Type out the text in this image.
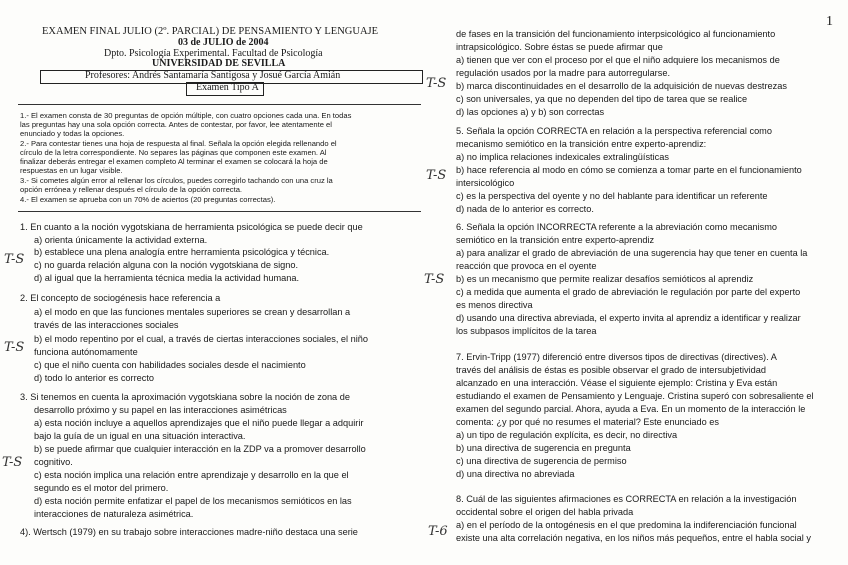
1
EXAMEN FINAL JULIO (2º. PARCIAL) DE PENSAMIENTO Y LENGUAJE
03 de JULIO de 2004
Dpto. Psicología Experimental. Facultad de Psicología
UNIVERSIDAD DE SEVILLA
Profesores: Andrés Santamaría Santigosa y Josué García Amián
Examen Tipo A
1.- El examen consta de 30 preguntas de opción múltiple, con cuatro opciones cada una. En todas
las preguntas hay una sola opción correcta. Antes de contestar, por favor, lee atentamente el
enunciado y todas la opciones.
2.- Para contestar tienes una hoja de respuesta al final. Señala la opción elegida rellenando el
círculo de la letra correspondiente. No separes las páginas que componen este examen. Al
finalizar deberás entregar el examen completo Al terminar el examen se colocará la hoja de
respuestas en un lugar visible.
3.- Si cometes algún error al rellenar los círculos, puedes corregirlo tachando con una cruz la
opción errónea y rellenar después el círculo de la opción correcta.
4.- El examen se aprueba con un 70% de aciertos (20 preguntas correctas).
1. En cuanto a la noción vygotskiana de herramienta psicológica se puede decir que
a) orienta únicamente la actividad externa.
b) establece una plena analogía entre herramienta psicológica y técnica.
c) no guarda relación alguna con la noción vygotskiana de signo.
d) al igual que la herramienta técnica media la actividad humana.
T-S
2. El concepto de sociogénesis hace referencia a
a) el modo en que las funciones mentales superiores se crean y desarrollan a
través de las interacciones sociales
b) el modo repentino por el cual, a través de ciertas interacciones sociales, el niño
funciona autónomamente
c) que el niño cuenta con habilidades sociales desde el nacimiento
d) todo lo anterior es correcto
T-S
3. Si tenemos en cuenta la aproximación vygotskiana sobre la noción de zona de
desarrollo próximo y su papel en las interacciones asimétricas
a) esta noción incluye a aquellos aprendizajes que el niño puede llegar a adquirir
bajo la guía de un igual en una situación interactiva.
b) se puede afirmar que cualquier interacción en la ZDP va a promover desarrollo
cognitivo.
c) esta noción implica una relación entre aprendizaje y desarrollo en la que el
segundo es el motor del primero.
d) esta noción permite enfatizar el papel de los mecanismos semióticos en las
interacciones de naturaleza asimétrica.
T-S
4). Wertsch (1979) en su trabajo sobre interacciones madre-niño destaca una serie
de fases en la transición del funcionamiento interpsicológico al funcionamiento
intrapsicológico. Sobre éstas se puede afirmar que
a) tienen que ver con el proceso por el que el niño adquiere los mecanismos de
regulación usados por la madre para autorregularse.
b) marca discontinuidades en el desarrollo de la adquisición de nuevas destrezas
c) son universales, ya que no dependen del tipo de tarea que se realice
d) las opciones a) y b) son correctas
T-S
5. Señala la opción CORRECTA en relación a la perspectiva referencial como
mecanismo semiótico en la transición entre experto-aprendiz:
a) no implica relaciones indexicales extralingüísticas
b) hace referencia al modo en cómo se comienza a tomar parte en el funcionamiento
intersicológico
c) es la perspectiva del oyente y no del hablante para identificar un referente
d) nada de lo anterior es correcto.
T-S
6. Señala la opción INCORRECTA referente a la abreviación como mecanismo
semiótico en la transición entre experto-aprendiz
a) para analizar el grado de abreviación de una sugerencia hay que tener en cuenta la
reacción que provoca en el oyente
b) es un mecanismo que permite realizar desafíos semióticos al aprendiz
c) a medida que aumenta el grado de abreviación le regulación por parte del experto
es menos directiva
d) usando una directiva abreviada, el experto invita al aprendiz a identificar y realizar
los subpasos implícitos de la tarea
T-S
7. Ervin-Tripp (1977) diferenció entre diversos tipos de directivas (directives). A
través del análisis de éstas es posible observar el grado de intersubjetividad
alcanzado en una interacción. Véase el siguiente ejemplo: Cristina y Eva están
estudiando el examen de Pensamiento y Lenguaje. Cristina superó con sobresaliente el
examen del segundo parcial. Ahora, ayuda a Eva. En un momento de la interacción le
comenta: ¿y por qué no resumes el material? Este enunciado es
a) un tipo de regulación explícita, es decir, no directiva
b) una directiva de sugerencia en pregunta
c) una directiva de sugerencia de permiso
d) una directiva no abreviada
8. Cuál de las siguientes afirmaciones es CORRECTA en relación a la investigación
occidental sobre el origen del habla privada
a) en el período de la ontogénesis en el que predomina la indiferenciación funcional
existe una alta correlación negativa, en los niños más pequeños, entre el habla social y
T-6
